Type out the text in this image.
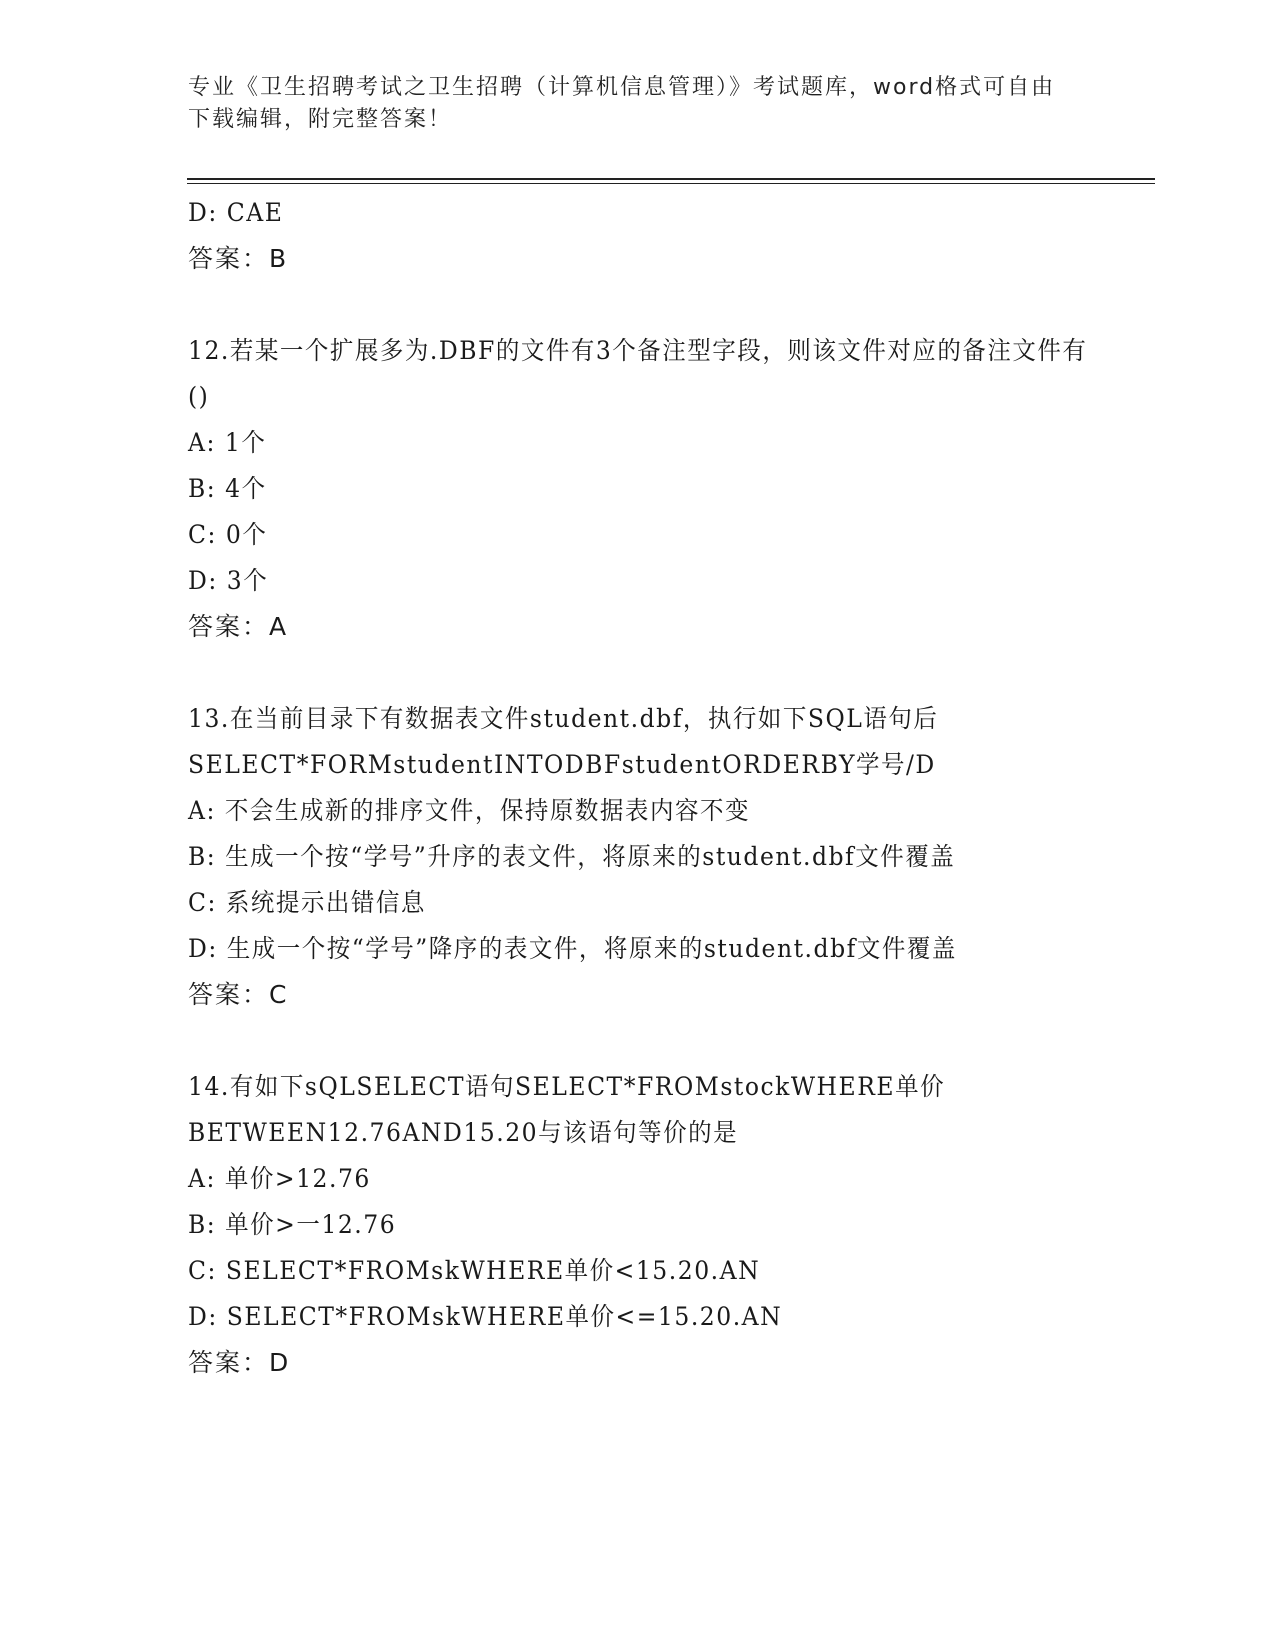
专业《卫生招聘考试之卫生招聘（计算机信息管理）》考试题库，word格式可自由下载编辑，附完整答案！
D: CAE
答案：B
12.若某一个扩展多为.DBF的文件有3个备注型字段，则该文件对应的备注文件有()
A: 1个
B: 4个
C: 0个
D: 3个
答案：A
13.在当前目录下有数据表文件student.dbf，执行如下SQL语句后SELECT*FORMstudentINTODBFstudentORDERBY学号/D
A: 不会生成新的排序文件，保持原数据表内容不变
B: 生成一个按“学号”升序的表文件，将原来的student.dbf文件覆盖
C: 系统提示出错信息
D: 生成一个按“学号”降序的表文件，将原来的student.dbf文件覆盖
答案：C
14.有如下sQLSELECT语句SELECT*FROMstockWHERE单价BETWEEN12.76AND15.20与该语句等价的是
A: 单价>12.76
B: 单价>一12.76
C: SELECT*FROMskWHERE单价<15.20.AN
D: SELECT*FROMskWHERE单价<=15.20.AN
答案：D
